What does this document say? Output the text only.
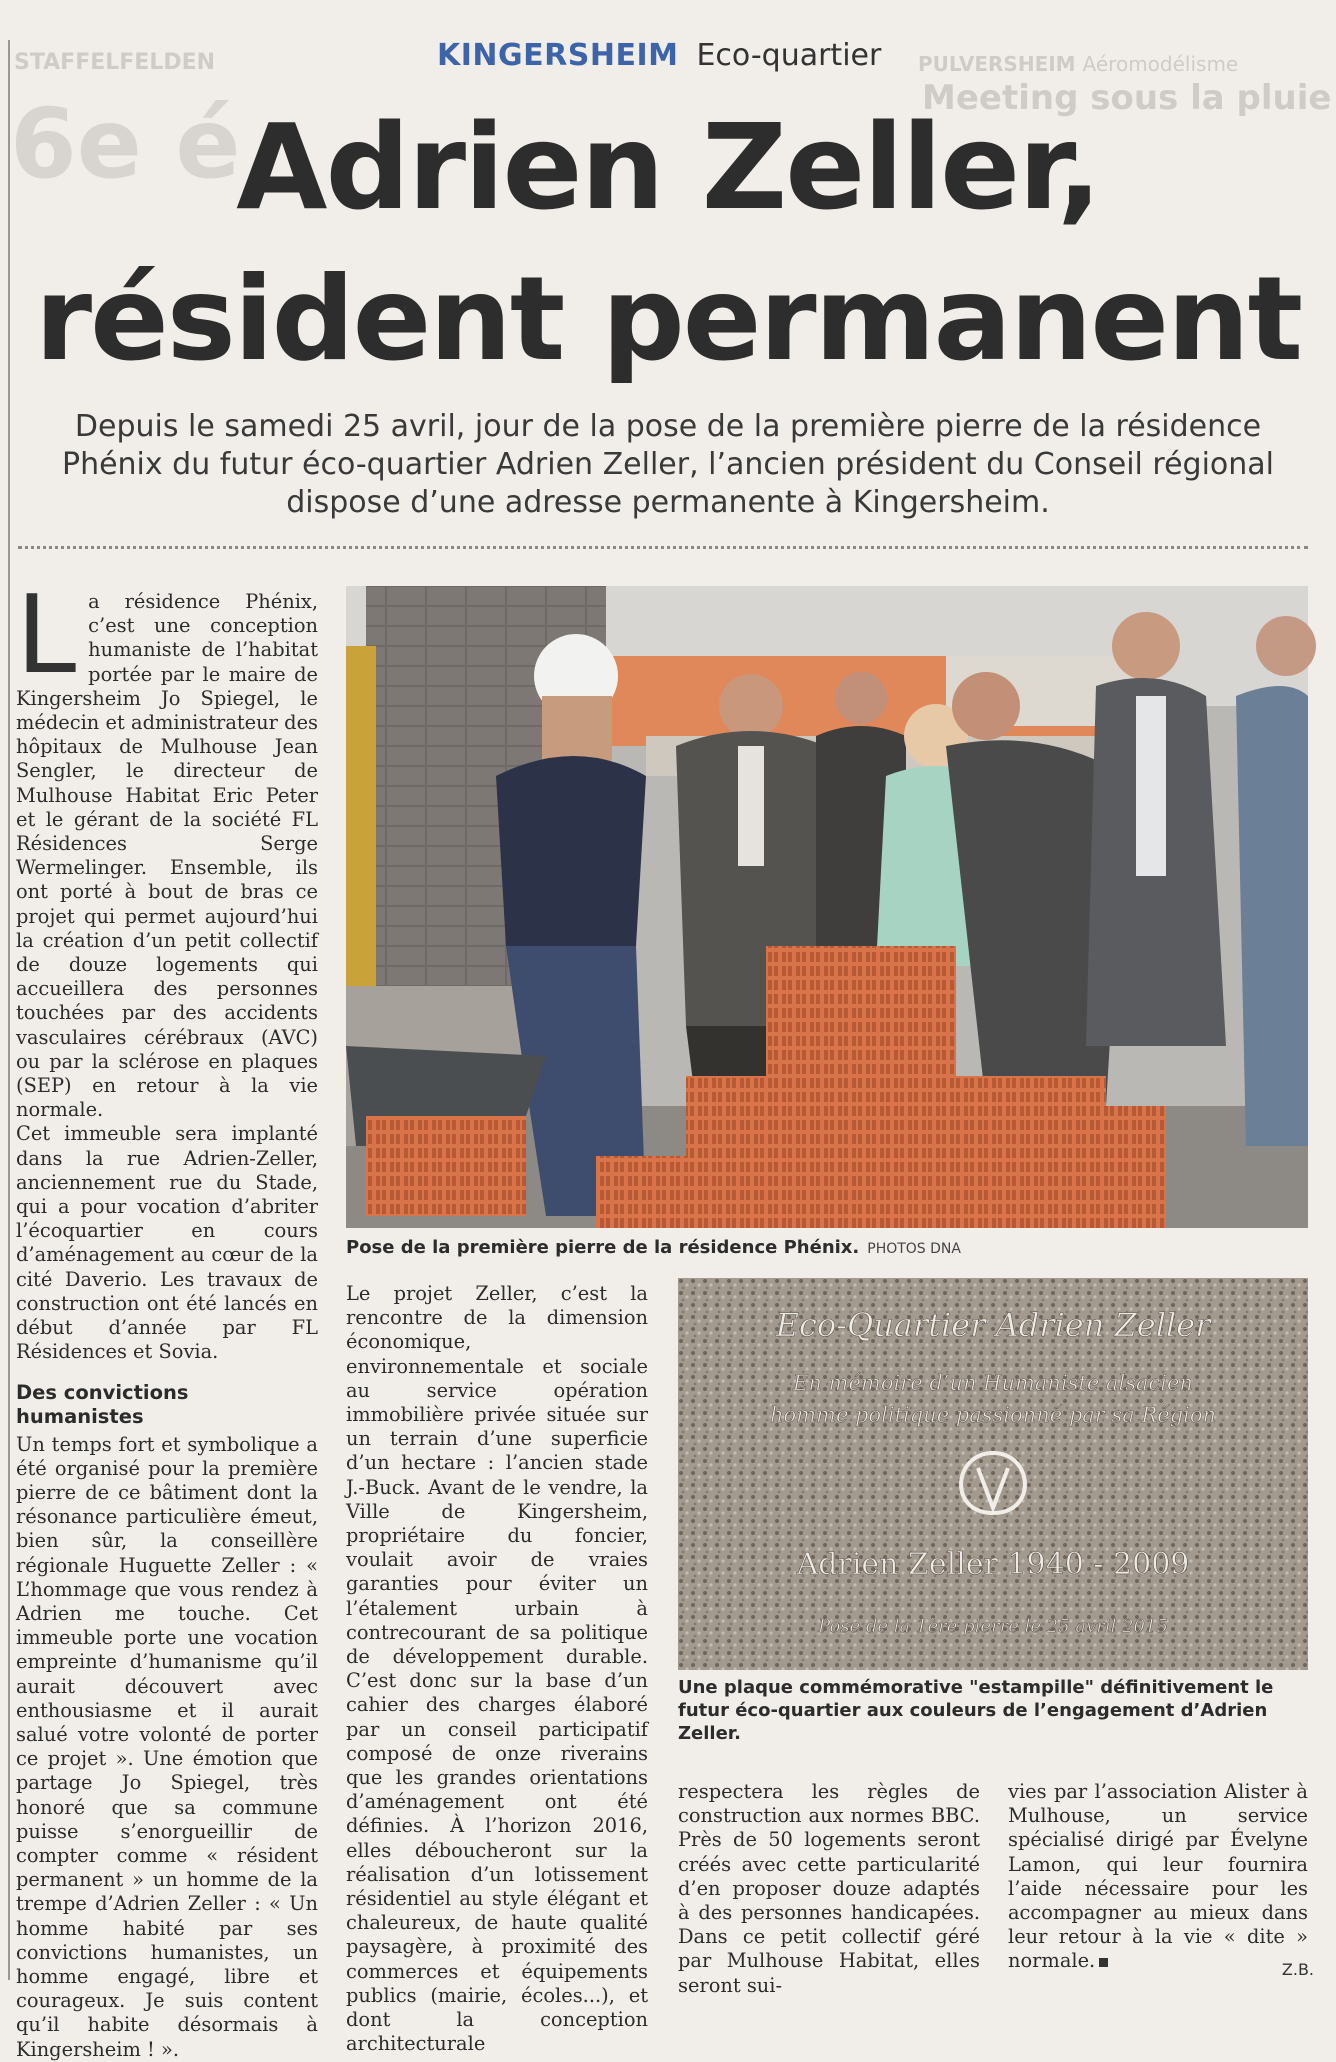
STAFFELFELDEN
6e é
PULVERSHEIM Aéromodélisme
Meeting sous la pluie
KINGERSHEIM Eco-quartier
Adrien Zeller,
résident permanent
Depuis le samedi 25 avril, jour de la pose de la première pierre de la résidence Phénix du futur éco-quartier Adrien Zeller, l’ancien président du Conseil régional dispose d’une adresse permanente à Kingersheim.
L a résidence Phénix, c’est une conception humaniste de l’habitat portée par le maire de Kingersheim Jo Spiegel, le médecin et administrateur des hôpitaux de Mulhouse Jean Sengler, le directeur de Mulhouse Habitat Eric Peter et le gérant de la société FL Résidences Serge Wermelinger. Ensemble, ils ont porté à bout de bras ce projet qui permet aujourd’hui la création d’un petit collectif de douze logements qui accueillera des personnes touchées par des accidents vasculaires cérébraux (AVC) ou par la sclérose en plaques (SEP) en retour à la vie normale.

Cet immeuble sera implanté dans la rue Adrien-Zeller, anciennement rue du Stade, qui a pour vocation d’abriter l’écoquartier en cours d’aménagement au cœur de la cité Daverio. Les travaux de construction ont été lancés en début d’année par FL Résidences et Sovia.

Des convictions humanistes

Un temps fort et symbolique a été organisé pour la première pierre de ce bâtiment dont la résonance particulière émeut, bien sûr, la conseillère régionale Huguette Zeller : « L’hommage que vous rendez à Adrien me touche. Cet immeuble porte une vocation empreinte d’humanisme qu’il aurait découvert avec enthousiasme et il aurait salué votre volonté de porter ce projet ». Une émotion que partage Jo Spiegel, très honoré que sa commune puisse s’enorgueillir de compter comme « résident permanent » un homme de la trempe d’Adrien Zeller : « Un homme habité par ses convictions humanistes, un homme engagé, libre et courageux. Je suis content qu’il habite désormais à Kingersheim ! ».

Pose de la première pierre de la résidence Phénix. PHOTOS DNA

Le projet Zeller, c’est la rencontre de la dimension économique, environnementale et sociale au service opération immobilière privée située sur un terrain d’une superficie d’un hectare : l’ancien stade J.-Buck. Avant de le vendre, la Ville de Kingersheim, propriétaire du foncier, voulait avoir de vraies garanties pour éviter un l’étalement urbain à contrecourant de sa politique de développement durable. C’est donc sur la base d’un cahier des charges élaboré par un conseil participatif composé de onze riverains que les grandes orientations d’aménagement ont été définies. À l’horizon 2016, elles déboucheront sur la réalisation d’un lotissement résidentiel au style élégant et chaleureux, de haute qualité paysagère, à proximité des commerces et équipements publics (mairie, écoles...), et dont la conception architecturale

Eco-Quartier Adrien Zeller
En mémoire d’un Humaniste alsacien
homme politique passionné par sa Région
Adrien Zeller 1940 - 2009
Pose de la 1ère pierre le 25 avril 2015
Une plaque commémorative "estampille" définitivement le futur éco-quartier aux couleurs de l’engagement d’Adrien Zeller.

respectera les règles de construction aux normes BBC. Près de 50 logements seront créés avec cette particularité d’en proposer douze adaptés à des personnes handicapées. Dans ce petit collectif géré par Mulhouse Habitat, elles seront sui-

vies par l’association Alister à Mulhouse, un service spécialisé dirigé par Évelyne Lamon, qui leur fournira l’aide nécessaire pour les accompagner au mieux dans leur retour à la vie « dite » normale.	Z.B.
